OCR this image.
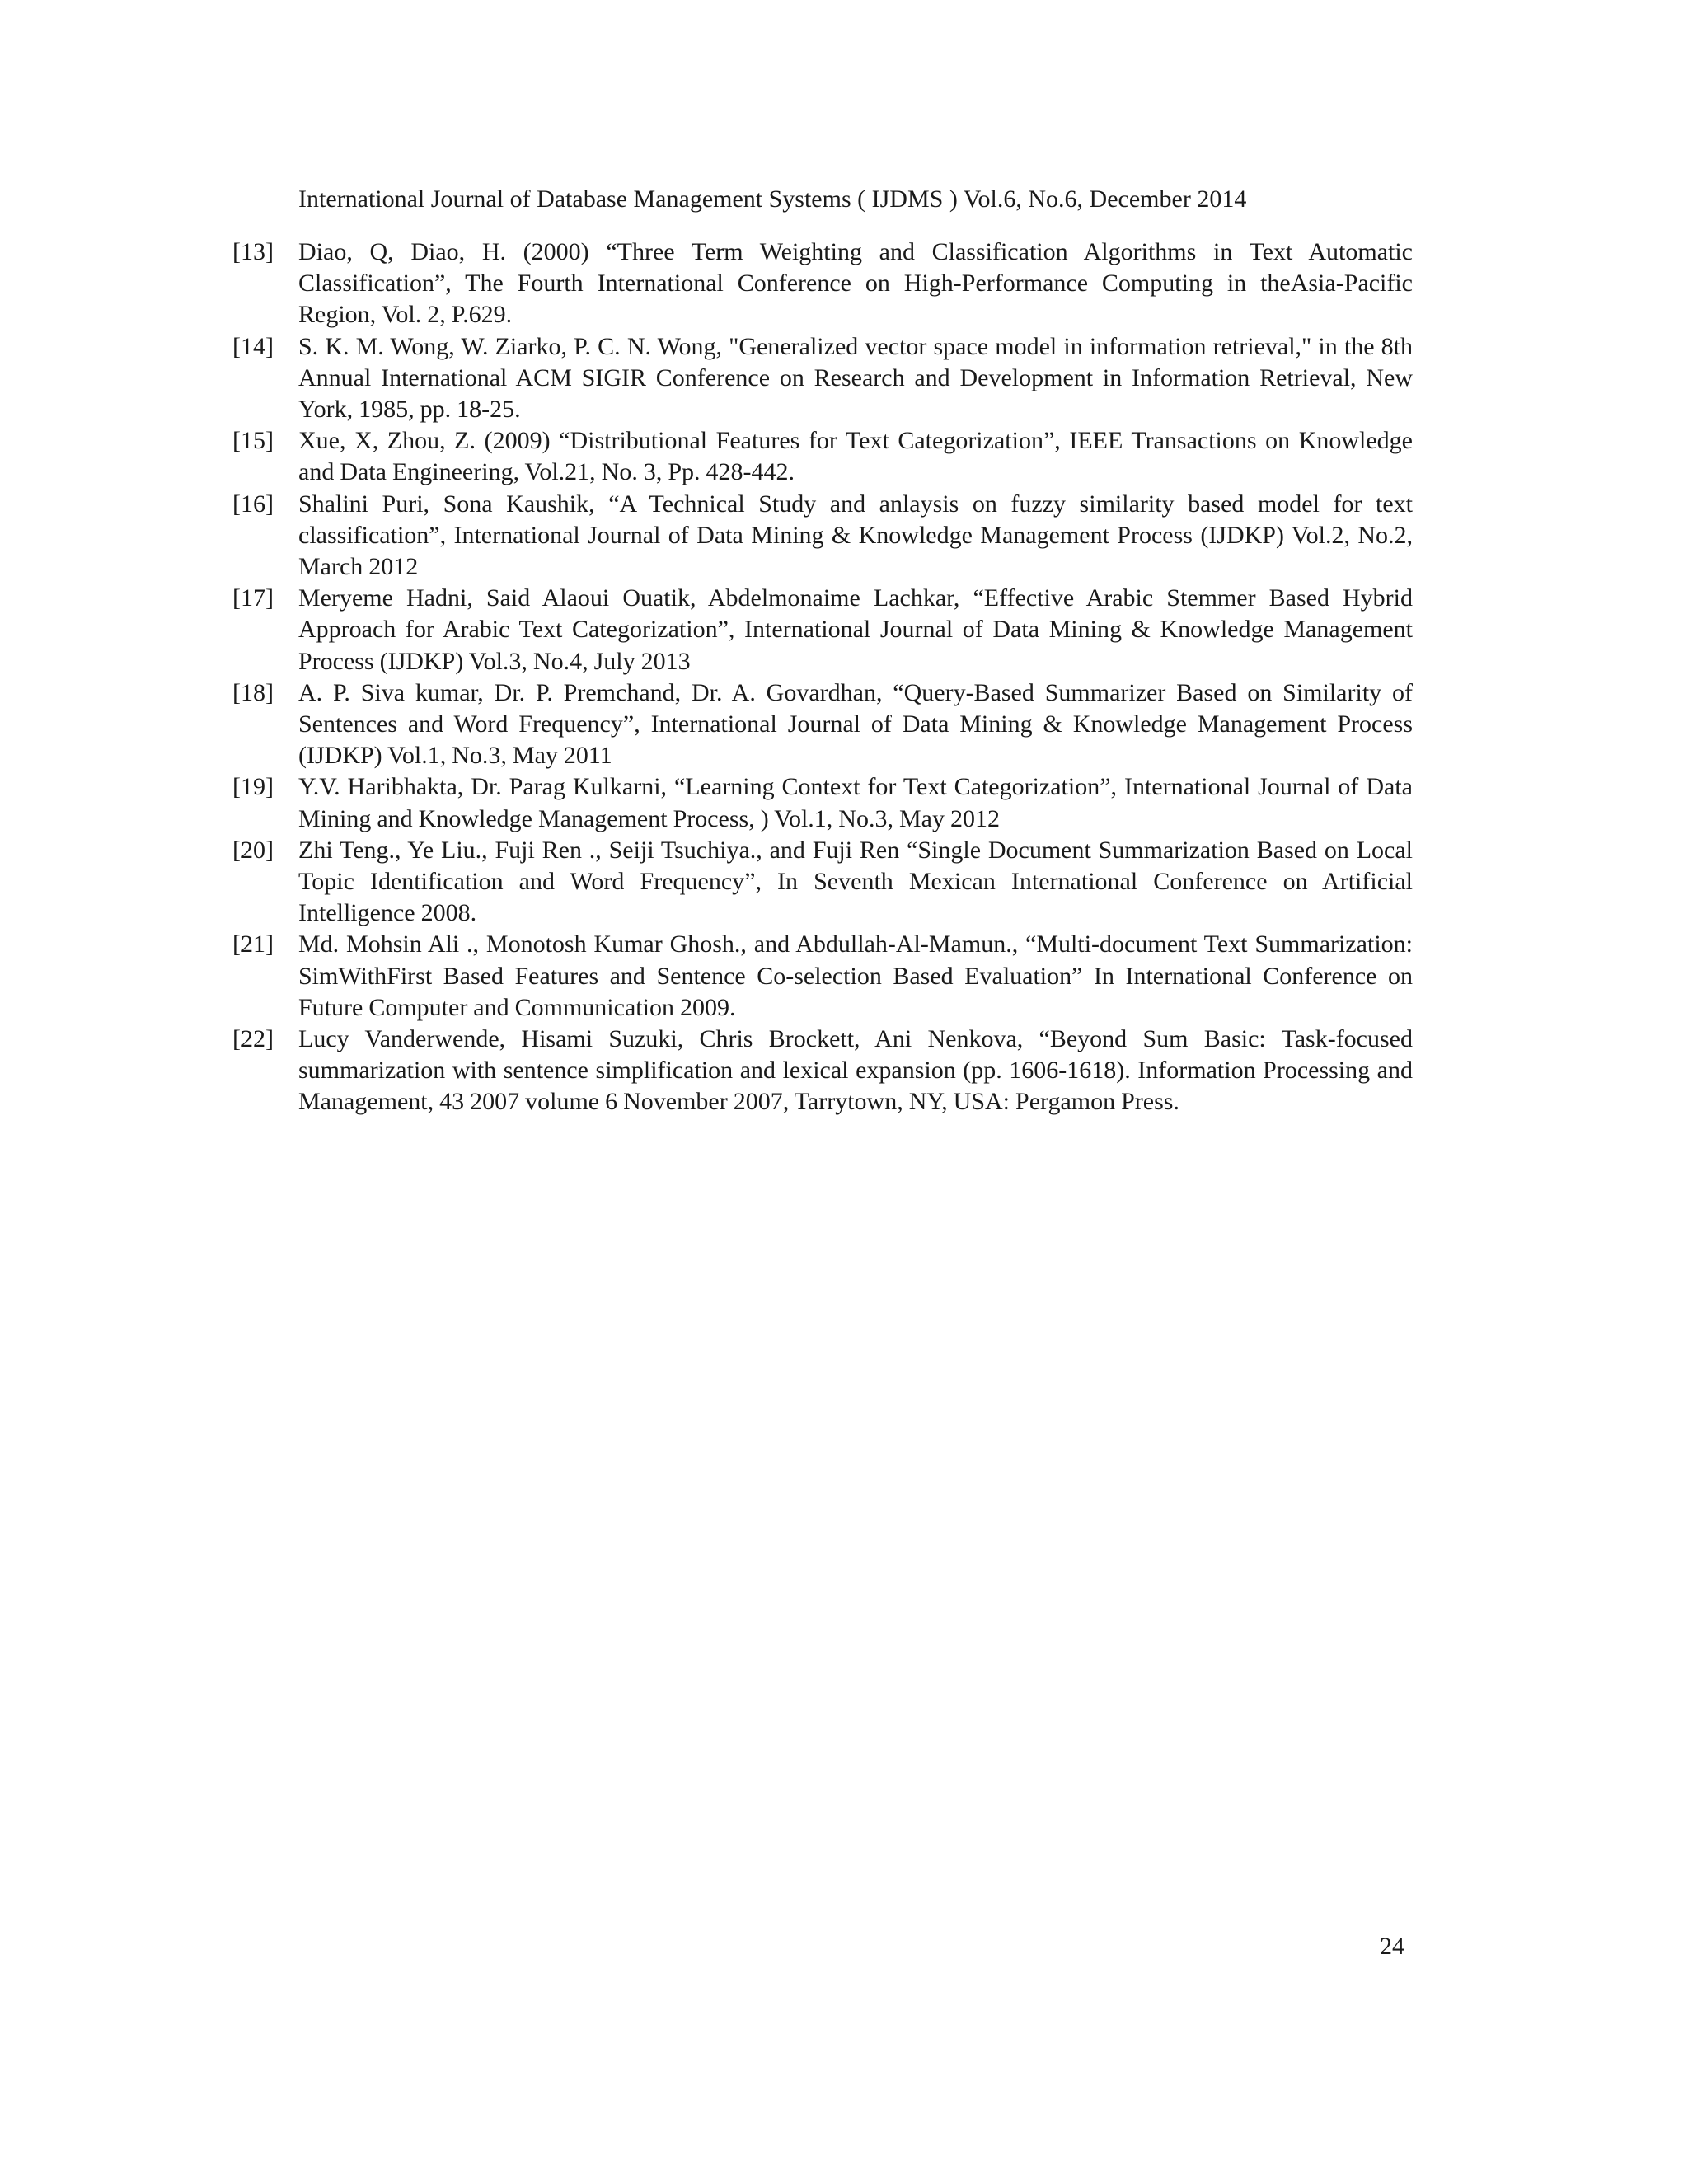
International Journal of Database Management Systems ( IJDMS ) Vol.6, No.6, December 2014
[13]	Diao, Q, Diao, H. (2000) “Three Term Weighting and Classification Algorithms in Text Automatic Classification”, The Fourth International Conference on High-Performance Computing in theAsia-Pacific Region, Vol. 2, P.629.
[14]	S. K. M. Wong, W. Ziarko, P. C. N. Wong, "Generalized vector space model in information retrieval," in the 8th Annual International ACM SIGIR Conference on Research and Development in Information Retrieval, New York, 1985, pp. 18-25.
[15]	Xue, X, Zhou, Z. (2009) “Distributional Features for Text Categorization”, IEEE Transactions on Knowledge and Data Engineering, Vol.21, No. 3, Pp. 428-442.
[16]	Shalini Puri, Sona Kaushik, “A Technical Study and anlaysis on fuzzy similarity based model for text classification”, International Journal of Data Mining & Knowledge Management Process (IJDKP) Vol.2, No.2, March 2012
[17]	Meryeme Hadni, Said Alaoui Ouatik, Abdelmonaime Lachkar, “Effective Arabic Stemmer Based Hybrid Approach for Arabic Text Categorization”, International Journal of Data Mining & Knowledge Management Process (IJDKP) Vol.3, No.4, July 2013
[18]	A. P. Siva kumar, Dr. P. Premchand, Dr. A. Govardhan, “Query-Based Summarizer Based on Similarity of Sentences and Word Frequency”, International Journal of Data Mining & Knowledge Management Process (IJDKP) Vol.1, No.3, May 2011
[19]	Y.V. Haribhakta, Dr. Parag Kulkarni, “Learning Context for Text Categorization”, International Journal of Data Mining and Knowledge Management Process, ) Vol.1, No.3, May 2012
[20]	Zhi Teng., Ye Liu., Fuji Ren ., Seiji Tsuchiya., and Fuji Ren “Single Document Summarization Based on Local Topic Identification and Word Frequency”, In Seventh Mexican International Conference on Artificial Intelligence 2008.
[21]	Md. Mohsin Ali ., Monotosh Kumar Ghosh., and Abdullah-Al-Mamun., “Multi-document Text Summarization: SimWithFirst Based Features and Sentence Co-selection Based Evaluation” In International Conference on Future Computer and Communication 2009.
[22]	Lucy Vanderwende, Hisami Suzuki, Chris Brockett, Ani Nenkova, “Beyond Sum Basic: Task-focused summarization with sentence simplification and lexical expansion (pp. 1606-1618). Information Processing and Management, 43 2007 volume 6 November 2007, Tarrytown, NY, USA: Pergamon Press.
24
